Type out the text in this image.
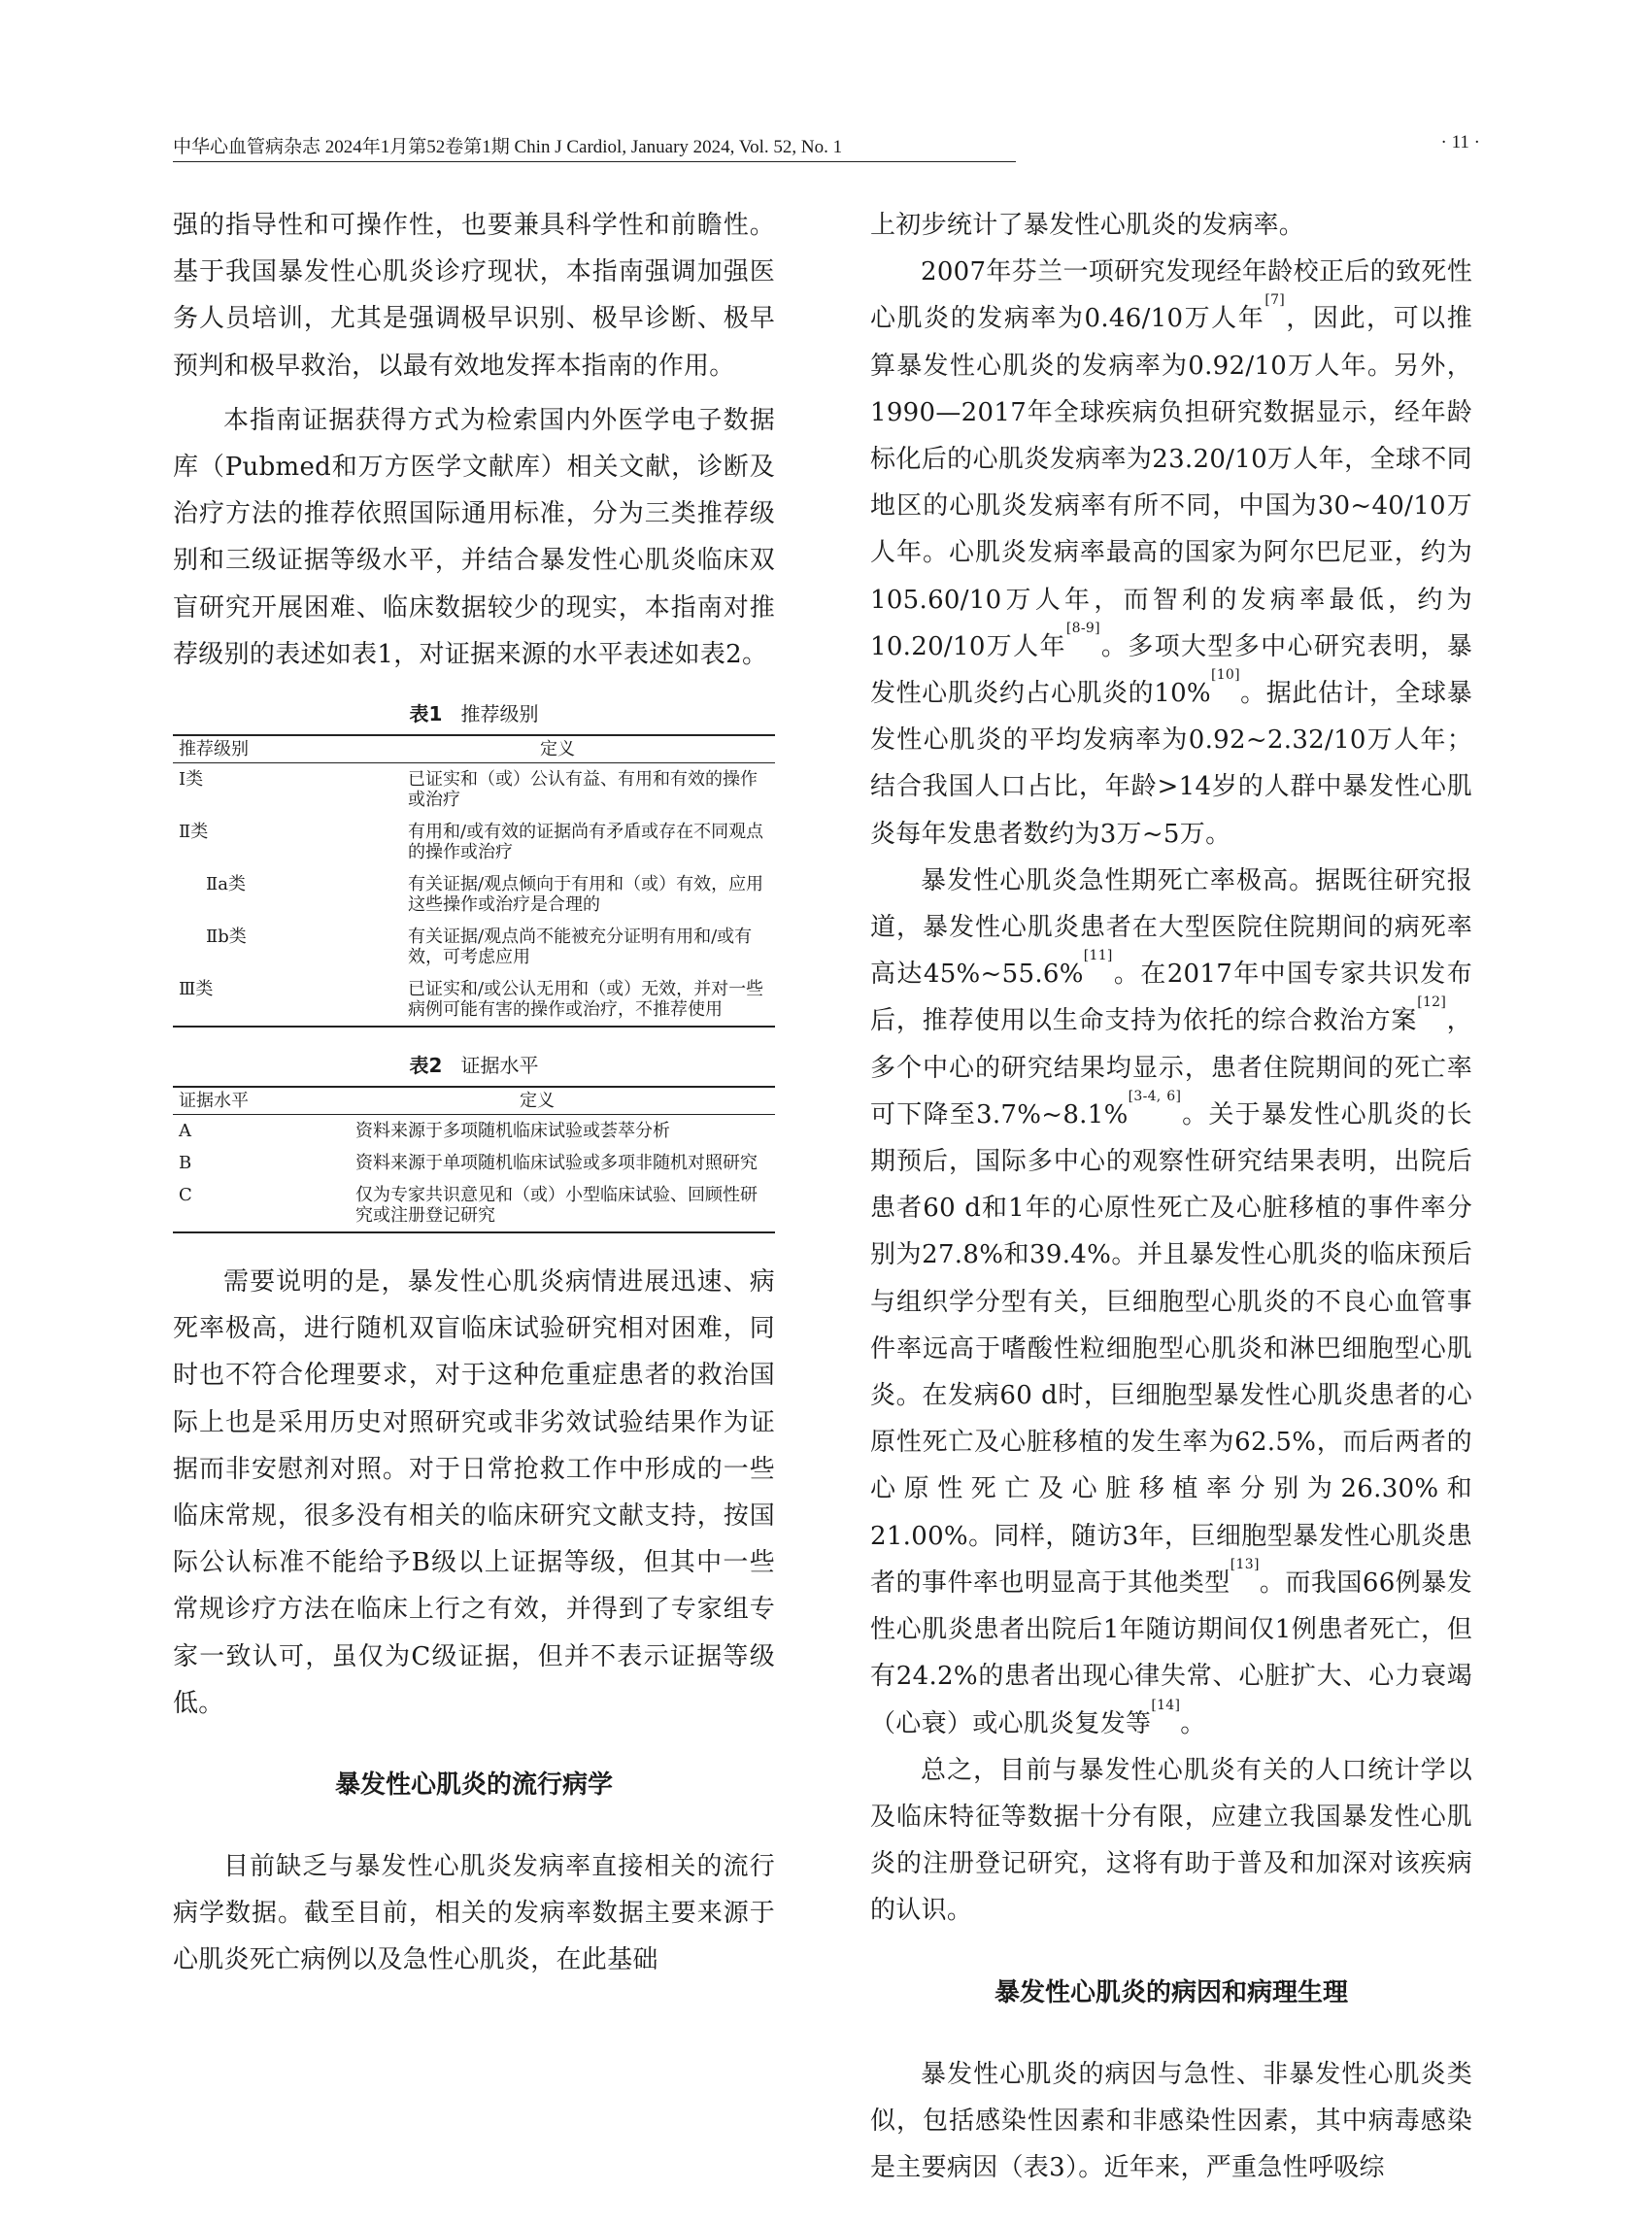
中华心血管病杂志 2024年1月第52卷第1期 Chin J Cardiol, January 2024, Vol. 52, No. 1	· 11 ·

强的指导性和可操作性，也要兼具科学性和前瞻性。基于我国暴发性心肌炎诊疗现状，本指南强调加强医务人员培训，尤其是强调极早识别、极早诊断、极早预判和极早救治，以最有效地发挥本指南的作用。

本指南证据获得方式为检索国内外医学电子数据库（Pubmed和万方医学文献库）相关文献，诊断及治疗方法的推荐依照国际通用标准，分为三类推荐级别和三级证据等级水平，并结合暴发性心肌炎临床双盲研究开展困难、临床数据较少的现实，本指南对推荐级别的表述如表1，对证据来源的水平表述如表2。

表1 推荐级别

推荐级别	定义
Ⅰ类	已证实和（或）公认有益、有用和有效的操作或治疗
Ⅱ类	有用和/或有效的证据尚有矛盾或存在不同观点的操作或治疗
Ⅱa类	有关证据/观点倾向于有用和（或）有效，应用这些操作或治疗是合理的
Ⅱb类	有关证据/观点尚不能被充分证明有用和/或有效，可考虑应用
Ⅲ类	已证实和/或公认无用和（或）无效，并对一些病例可能有害的操作或治疗，不推荐使用

表2 证据水平

证据水平	定义
A	资料来源于多项随机临床试验或荟萃分析
B	资料来源于单项随机临床试验或多项非随机对照研究
C	仅为专家共识意见和（或）小型临床试验、回顾性研究或注册登记研究

需要说明的是，暴发性心肌炎病情进展迅速、病死率极高，进行随机双盲临床试验研究相对困难，同时也不符合伦理要求，对于这种危重症患者的救治国际上也是采用历史对照研究或非劣效试验结果作为证据而非安慰剂对照。对于日常抢救工作中形成的一些临床常规，很多没有相关的临床研究文献支持，按国际公认标准不能给予B级以上证据等级，但其中一些常规诊疗方法在临床上行之有效，并得到了专家组专家一致认可，虽仅为C级证据，但并不表示证据等级低。

暴发性心肌炎的流行病学

目前缺乏与暴发性心肌炎发病率直接相关的流行病学数据。截至目前，相关的发病率数据主要来源于心肌炎死亡病例以及急性心肌炎，在此基础

上初步统计了暴发性心肌炎的发病率。

2007年芬兰一项研究发现经年龄校正后的致死性心肌炎的发病率为0.46/10万人年[7]，因此，可以推算暴发性心肌炎的发病率为0.92/10万人年。另外，1990—2017年全球疾病负担研究数据显示，经年龄标化后的心肌炎发病率为23.20/10万人年，全球不同地区的心肌炎发病率有所不同，中国为30~40/10万人年。心肌炎发病率最高的国家为阿尔巴尼亚，约为105.60/10万人年，而智利的发病率最低，约为10.20/10万人年[8-9]。多项大型多中心研究表明，暴发性心肌炎约占心肌炎的10%[10]。据此估计，全球暴发性心肌炎的平均发病率为0.92~2.32/10万人年；结合我国人口占比，年龄>14岁的人群中暴发性心肌炎每年发患者数约为3万~5万。

暴发性心肌炎急性期死亡率极高。据既往研究报道，暴发性心肌炎患者在大型医院住院期间的病死率高达45%~55.6%[11]。在2017年中国专家共识发布后，推荐使用以生命支持为依托的综合救治方案[12]，多个中心的研究结果均显示，患者住院期间的死亡率可下降至3.7%~8.1%[3-4, 6]。关于暴发性心肌炎的长期预后，国际多中心的观察性研究结果表明，出院后患者60 d和1年的心原性死亡及心脏移植的事件率分别为27.8%和39.4%。并且暴发性心肌炎的临床预后与组织学分型有关，巨细胞型心肌炎的不良心血管事件率远高于嗜酸性粒细胞型心肌炎和淋巴细胞型心肌炎。在发病60 d时，巨细胞型暴发性心肌炎患者的心原性死亡及心脏移植的发生率为62.5%，而后两者的心原性死亡及心脏移植率分别为26.30%和21.00%。同样，随访3年，巨细胞型暴发性心肌炎患者的事件率也明显高于其他类型[13]。而我国66例暴发性心肌炎患者出院后1年随访期间仅1例患者死亡，但有24.2%的患者出现心律失常、心脏扩大、心力衰竭（心衰）或心肌炎复发等[14]。

总之，目前与暴发性心肌炎有关的人口统计学以及临床特征等数据十分有限，应建立我国暴发性心肌炎的注册登记研究，这将有助于普及和加深对该疾病的认识。

暴发性心肌炎的病因和病理生理

暴发性心肌炎的病因与急性、非暴发性心肌炎类似，包括感染性因素和非感染性因素，其中病毒感染是主要病因（表3）。近年来，严重急性呼吸综
